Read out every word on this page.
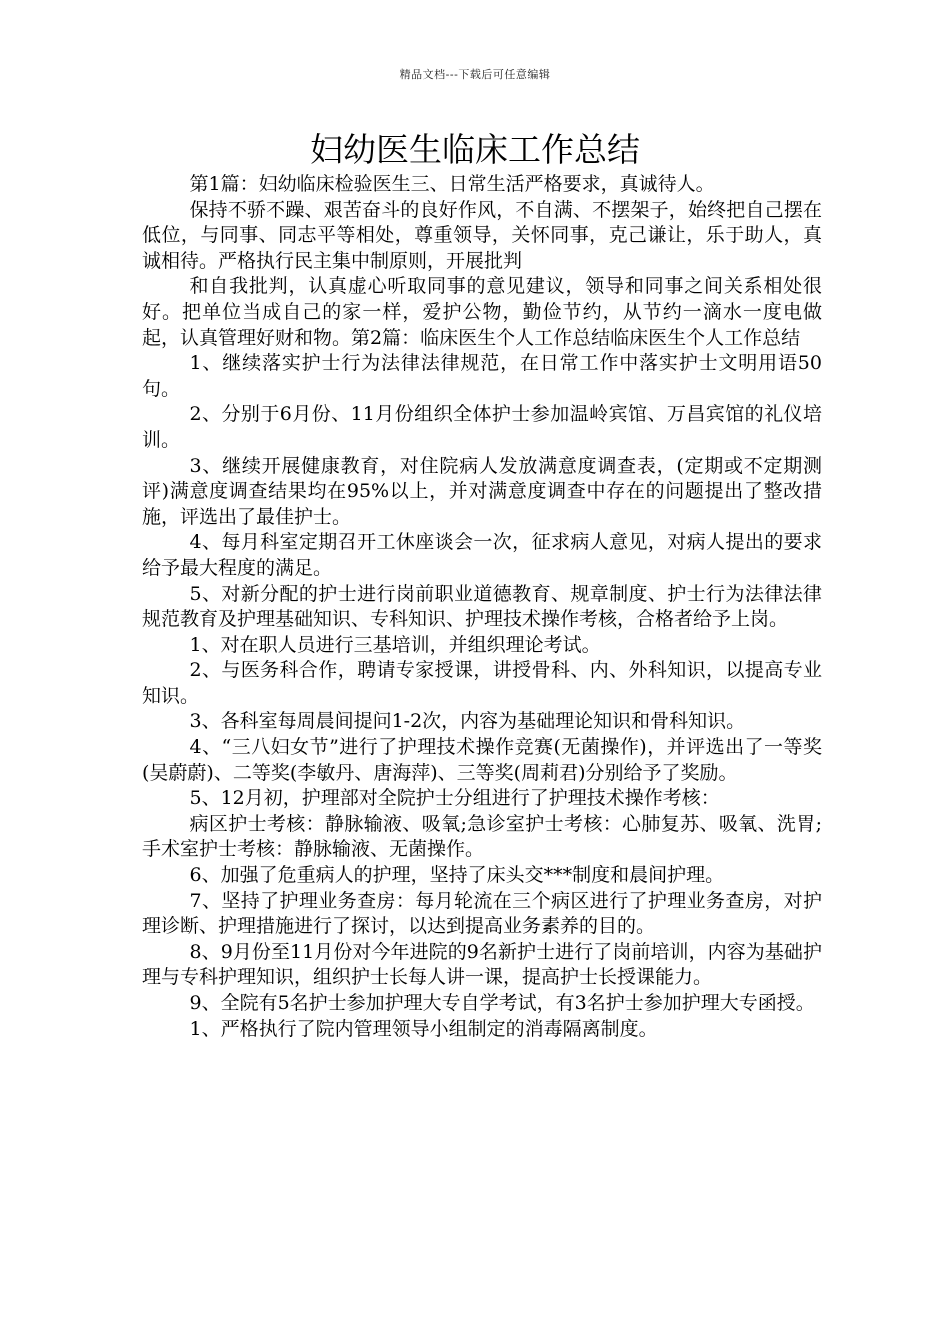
精品文档---下载后可任意编辑
妇幼医生临床工作总结

第1篇：妇幼临床检验医生三、日常生活严格要求，真诚待人。

保持不骄不躁、艰苦奋斗的良好作风，不自满、不摆架子，始终把自己摆在低位，与同事、同志平等相处，尊重领导，关怀同事，克己谦让，乐于助人，真诚相待。严格执行民主集中制原则，开展批判

和自我批判，认真虚心听取同事的意见建议，领导和同事之间关系相处很好。把单位当成自己的家一样，爱护公物，勤俭节约，从节约一滴水一度电做起，认真管理好财和物。第2篇：临床医生个人工作总结临床医生个人工作总结

1、继续落实护士行为法律法律规范，在日常工作中落实护士文明用语50句。

2、分别于6月份、11月份组织全体护士参加温岭宾馆、万昌宾馆的礼仪培训。

3、继续开展健康教育，对住院病人发放满意度调查表，(定期或不定期测评)满意度调查结果均在95%以上，并对满意度调查中存在的问题提出了整改措施，评选出了最佳护士。

4、每月科室定期召开工休座谈会一次，征求病人意见，对病人提出的要求给予最大程度的满足。

5、对新分配的护士进行岗前职业道德教育、规章制度、护士行为法律法律规范教育及护理基础知识、专科知识、护理技术操作考核，合格者给予上岗。

1、对在职人员进行三基培训，并组织理论考试。

2、与医务科合作，聘请专家授课，讲授骨科、内、外科知识，以提高专业知识。

3、各科室每周晨间提问1-2次，内容为基础理论知识和骨科知识。

4、“三八妇女节”进行了护理技术操作竞赛(无菌操作)，并评选出了一等奖(吴蔚蔚)、二等奖(李敏丹、唐海萍)、三等奖(周莉君)分别给予了奖励。

5、12月初，护理部对全院护士分组进行了护理技术操作考核：

病区护士考核：静脉输液、吸氧;急诊室护士考核：心肺复苏、吸氧、洗胃;手术室护士考核：静脉输液、无菌操作。

6、加强了危重病人的护理，坚持了床头交***制度和晨间护理。

7、坚持了护理业务查房：每月轮流在三个病区进行了护理业务查房，对护理诊断、护理措施进行了探讨，以达到提高业务素养的目的。

8、9月份至11月份对今年进院的9名新护士进行了岗前培训，内容为基础护理与专科护理知识，组织护士长每人讲一课，提高护士长授课能力。

9、全院有5名护士参加护理大专自学考试，有3名护士参加护理大专函授。

1、严格执行了院内管理领导小组制定的消毒隔离制度。
